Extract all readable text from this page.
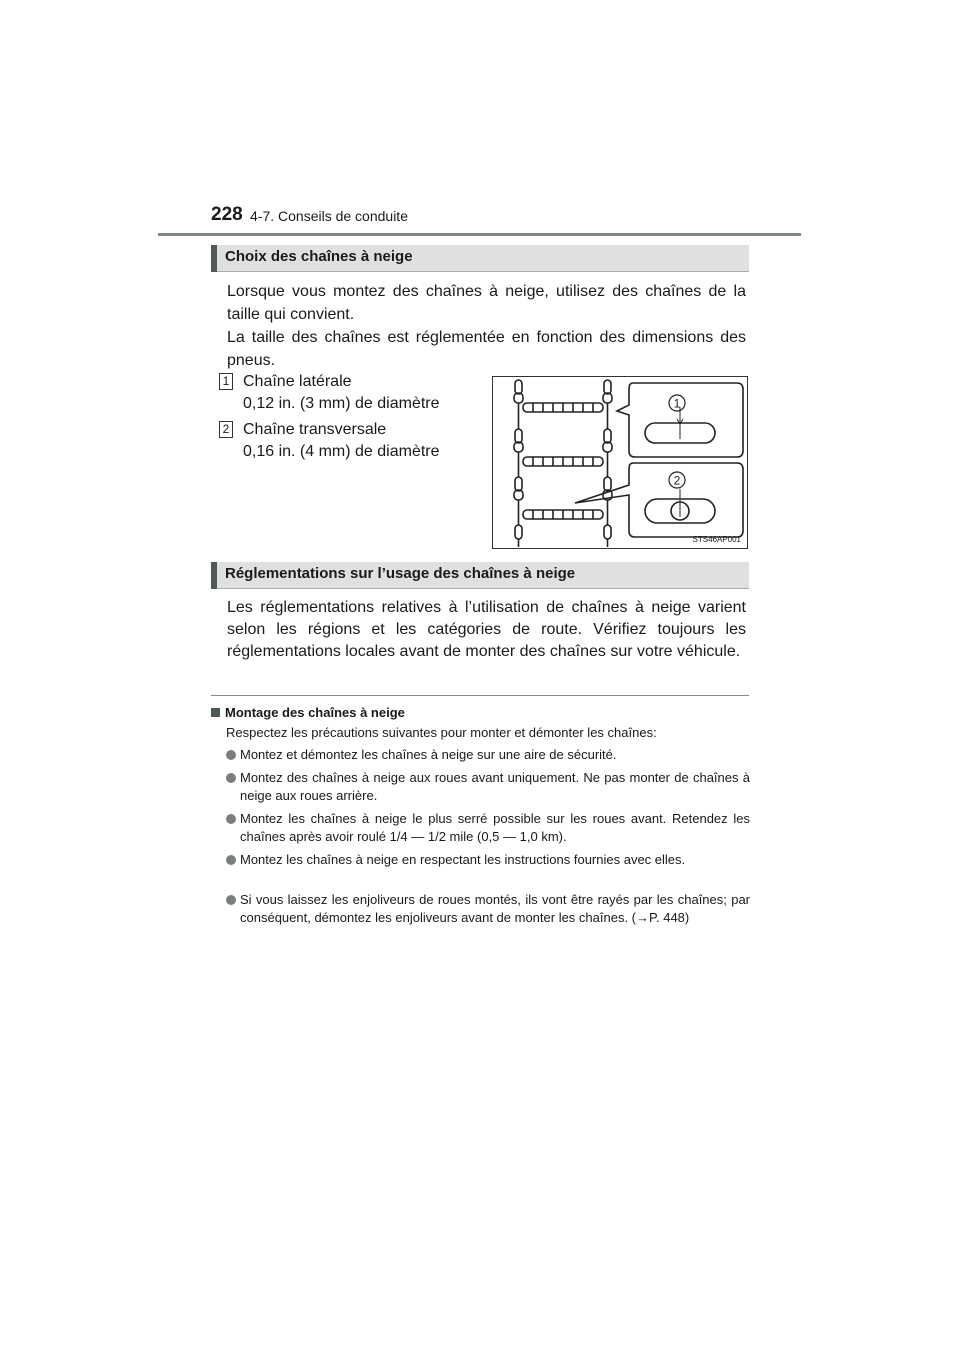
228 4-7. Conseils de conduite
Choix des chaînes à neige
Lorsque vous montez des chaînes à neige, utilisez des chaînes de la taille qui convient.
La taille des chaînes est réglementée en fonction des dimensions des pneus.
1 Chaîne latérale
0,12 in. (3 mm) de diamètre
2 Chaîne transversale
0,16 in. (4 mm) de diamètre
1
2
STS46AP001
Réglementations sur l’usage des chaînes à neige
Les réglementations relatives à l’utilisation de chaînes à neige varient selon les régions et les catégories de route. Vérifiez toujours les réglementations locales avant de monter des chaînes sur votre véhicule.
Montage des chaînes à neige
Respectez les précautions suivantes pour monter et démonter les chaînes:
Montez et démontez les chaînes à neige sur une aire de sécurité.
Montez des chaînes à neige aux roues avant uniquement. Ne pas monter de chaînes à neige aux roues arrière.
Montez les chaînes à neige le plus serré possible sur les roues avant. Retendez les chaînes après avoir roulé 1/4 — 1/2 mile (0,5 — 1,0 km).
Montez les chaînes à neige en respectant les instructions fournies avec elles.
Si vous laissez les enjoliveurs de roues montés, ils vont être rayés par les chaînes; par conséquent, démontez les enjoliveurs avant de monter les chaînes. (→P. 448)
